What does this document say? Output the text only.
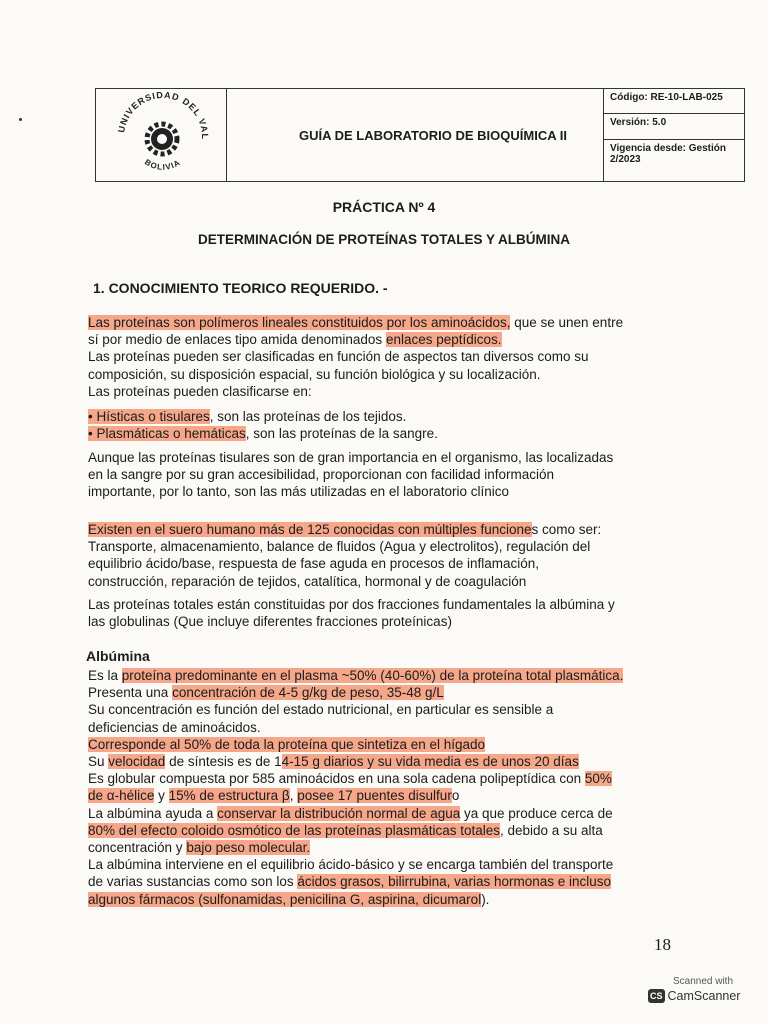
UNIVERSIDAD DEL VAL
BOLIVIA
GUÍA DE LABORATORIO DE BIOQUÍMICA II
Código: RE-10-LAB-025
Versión: 5.0
Vigencia desde: Gestión 2/2023
PRÁCTICA Nº 4
DETERMINACIÓN DE PROTEÍNAS TOTALES Y ALBÚMINA
1. CONOCIMIENTO TEORICO REQUERIDO. -
Las proteínas son polímeros lineales constituidos por los aminoácidos, que se unen entre
sí por medio de enlaces tipo amida denominados enlaces peptídicos.
Las proteínas pueden ser clasificadas en función de aspectos tan diversos como su
composición, su disposición espacial, su función biológica y su localización.
Las proteínas pueden clasificarse en:
• Hísticas o tisulares, son las proteínas de los tejidos.
• Plasmáticas o hemáticas, son las proteínas de la sangre.
Aunque las proteínas tisulares son de gran importancia en el organismo, las localizadas
en la sangre por su gran accesibilidad, proporcionan con facilidad información
importante, por lo tanto, son las más utilizadas en el laboratorio clínico
Existen en el suero humano más de 125 conocidas con múltiples funciones como ser:
Transporte, almacenamiento, balance de fluidos (Agua y electrolitos), regulación del
equilibrio ácido/base, respuesta de fase aguda en procesos de inflamación,
construcción, reparación de tejidos, catalítica, hormonal y de coagulación
Las proteínas totales están constituidas por dos fracciones fundamentales la albúmina y
las globulinas (Que incluye diferentes fracciones proteínicas)
Albúmina
Es la proteína predominante en el plasma ~50% (40-60%) de la proteína total plasmática.
Presenta una concentración de 4-5 g/kg de peso, 35-48 g/L
Su concentración es función del estado nutricional, en particular es sensible a
deficiencias de aminoácidos.
Corresponde al 50% de toda la proteína que sintetiza en el hígado
Su velocidad de síntesis es de 14-15 g diarios y su vida media es de unos 20 días
Es globular compuesta por 585 aminoácidos en una sola cadena polipeptídica con 50%
de α-hélice y 15% de estructura β, posee 17 puentes disulfuro
La albúmina ayuda a conservar la distribución normal de agua ya que produce cerca de
80% del efecto coloido osmótico de las proteínas plasmáticas totales, debido a su alta
concentración y bajo peso molecular.
La albúmina interviene en el equilibrio ácido-básico y se encarga también del transporte
de varias sustancias como son los ácidos grasos, bilirrubina, varias hormonas e incluso
algunos fármacos (sulfonamidas, penicilina G, aspirina, dicumarol).
18
Scanned with
CS CamScanner
